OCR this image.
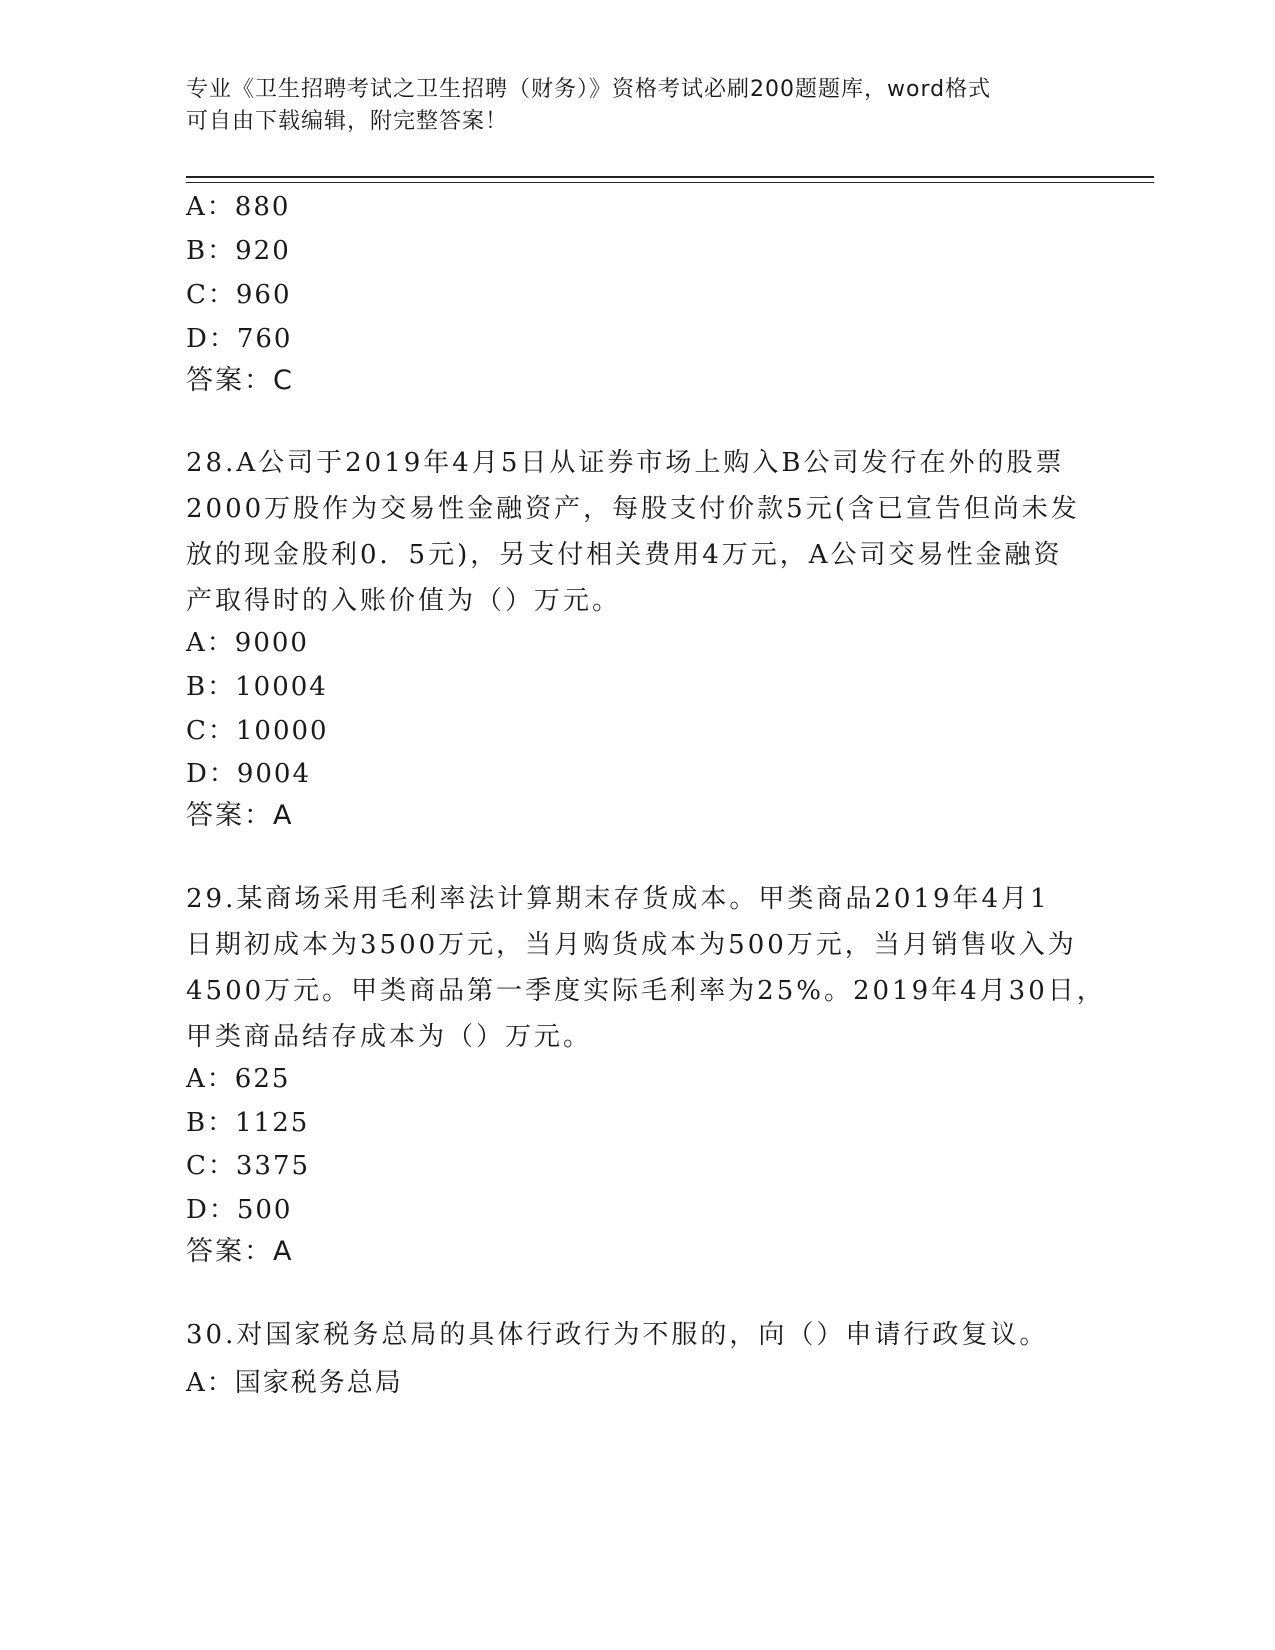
专业《卫生招聘考试之卫生招聘（财务）》资格考试必刷200题题库，word格式
可自由下载编辑，附完整答案！
A：880
B：920
C：960
D：760
答案：C
28.A公司于2019年4月5日从证券市场上购入B公司发行在外的股票
2000万股作为交易性金融资产，每股支付价款5元(含已宣告但尚未发
放的现金股利0．5元)，另支付相关费用4万元，A公司交易性金融资
产取得时的入账价值为（）万元。
A：9000
B：10004
C：10000
D：9004
答案：A
29.某商场采用毛利率法计算期末存货成本。甲类商品2019年4月1
日期初成本为3500万元，当月购货成本为500万元，当月销售收入为
4500万元。甲类商品第一季度实际毛利率为25%。2019年4月30日，
甲类商品结存成本为（）万元。
A：625
B：1125
C：3375
D：500
答案：A
30.对国家税务总局的具体行政行为不服的，向（）申请行政复议。
A：国家税务总局
